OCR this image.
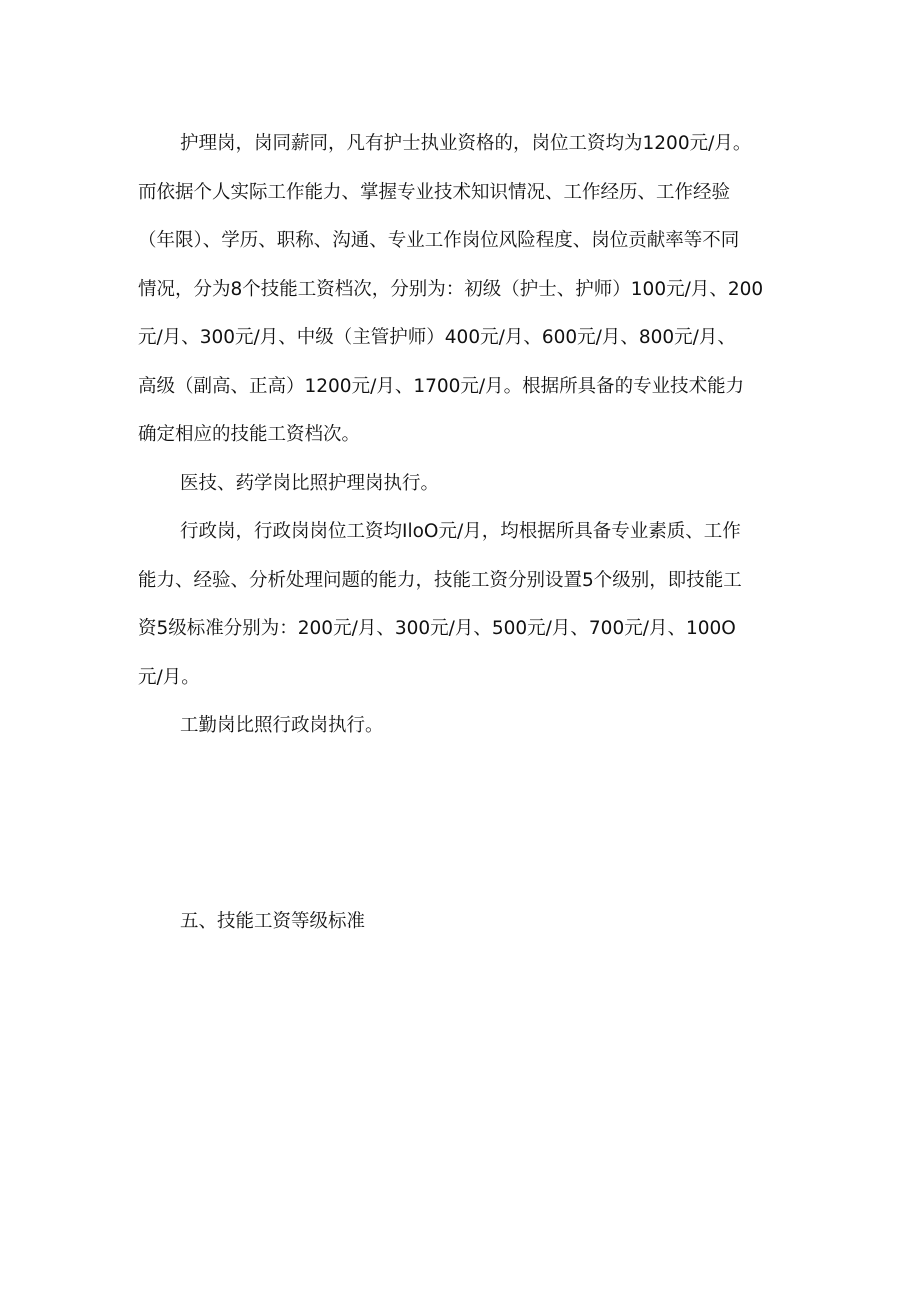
护理岗，岗同薪同，凡有护士执业资格的，岗位工资均为1200元/月。
而依据个人实际工作能力、掌握专业技术知识情况、工作经历、工作经验
（年限）、学历、职称、沟通、专业工作岗位风险程度、岗位贡献率等不同
情况，分为8个技能工资档次，分别为：初级（护士、护师）100元/月、200
元/月、300元/月、中级（主管护师）400元/月、600元/月、800元/月、
高级（副高、正高）1200元/月、1700元/月。根据所具备的专业技术能力
确定相应的技能工资档次。

医技、药学岗比照护理岗执行。

行政岗，行政岗岗位工资均IloO元/月，均根据所具备专业素质、工作
能力、经验、分析处理问题的能力，技能工资分别设置5个级别，即技能工
资5级标准分别为：200元/月、300元/月、500元/月、700元/月、100O
元/月。

工勤岗比照行政岗执行。

五、技能工资等级标准
